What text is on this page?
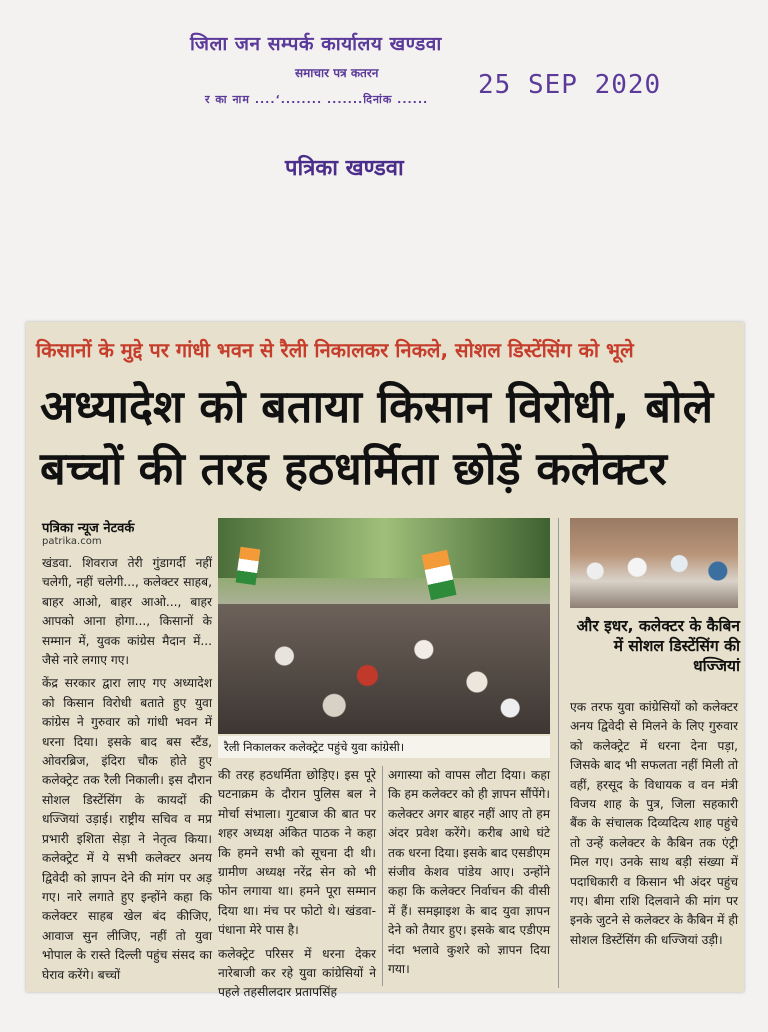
जिला जन सम्पर्क कार्यालय खण्डवा
समाचार पत्र कतरन
र का नाम ....‘........ .......दिनांक ...... 25 SEP 2020
पत्रिका खण्डवा
किसानों के मुद्दे पर गांधी भवन से रैली निकालकर निकले, सोशल डिस्टेंसिंग को भूले
अध्यादेश को बताया किसान विरोधी, बोले
बच्चों की तरह हठधर्मिता छोड़ें कलेक्टर
पत्रिका न्यूज नेटवर्क
patrika.com

खंडवा. शिवराज तेरी गुंडागर्दी नहीं चलेगी, नहीं चलेगी..., कलेक्टर साहब, बाहर आओ, बाहर आओ..., बाहर आपको आना होगा..., किसानों के सम्मान में, युवक कांग्रेस मैदान में... जैसे नारे लगाए गए।

केंद्र सरकार द्वारा लाए गए अध्यादेश को किसान विरोधी बताते हुए युवा कांग्रेस ने गुरुवार को गांधी भवन में धरना दिया। इसके बाद बस स्टैंड, ओवरब्रिज, इंदिरा चौक होते हुए कलेक्ट्रेट तक रैली निकाली। इस दौरान सोशल डिस्टेंसिंग के कायदों की धज्जियां उड़ाई। राष्ट्रीय सचिव व मप्र प्रभारी इशिता सेड़ा ने नेतृत्व किया। कलेक्ट्रेट में ये सभी कलेक्टर अनय द्विवेदी को ज्ञापन देने की मांग पर अड़ गए। नारे लगाते हुए इन्होंने कहा कि कलेक्टर साहब खेल बंद कीजिए, आवाज सुन लीजिए, नहीं तो युवा भोपाल के रास्ते दिल्ली पहुंच संसद का घेराव करेंगे। बच्चों

रैली निकालकर कलेक्ट्रेट पहुंचे युवा कांग्रेसी।

की तरह हठधर्मिता छोड़िए। इस पूरे घटनाक्रम के दौरान पुलिस बल ने मोर्चा संभाला। गुटबाज की बात पर शहर अध्यक्ष अंकित पाठक ने कहा कि हमने सभी को सूचना दी थी। ग्रामीण अध्यक्ष नरेंद्र सेन को भी फोन लगाया था। हमने पूरा सम्मान दिया था। मंच पर फोटो थे। खंडवा-पंधाना मेरे पास है।

कलेक्ट्रेट परिसर में धरना देकर नारेबाजी कर रहे युवा कांग्रेसियों ने पहले तहसीलदार प्रतापसिंह

अगास्या को वापस लौटा दिया। कहा कि हम कलेक्टर को ही ज्ञापन सौंपेंगे। कलेक्टर अगर बाहर नहीं आए तो हम अंदर प्रवेश करेंगे। करीब आधे घंटे तक धरना दिया। इसके बाद एसडीएम संजीव केशव पांडेय आए। उन्होंने कहा कि कलेक्टर निर्वाचन की वीसी में हैं। समझाइश के बाद युवा ज्ञापन देने को तैयार हुए। इसके बाद एडीएम नंदा भलावे कुशरे को ज्ञापन दिया गया।

और इधर, कलेक्टर के कैबिन में सोशल डिस्टेंसिंग की धज्जियां

एक तरफ युवा कांग्रेसियों को कलेक्टर अनय द्विवेदी से मिलने के लिए गुरुवार को कलेक्ट्रेट में धरना देना पड़ा, जिसके बाद भी सफलता नहीं मिली तो वहीं, हरसूद के विधायक व वन मंत्री विजय शाह के पुत्र, जिला सहकारी बैंक के संचालक दिव्यदित्य शाह पहुंचे तो उन्हें कलेक्टर के कैबिन तक एंट्री मिल गए। उनके साथ बड़ी संख्या में पदाधिकारी व किसान भी अंदर पहुंच गए। बीमा राशि दिलवाने की मांग पर इनके जुटने से कलेक्टर के कैबिन में ही सोशल डिस्टेंसिंग की धज्जियां उड़ी।
